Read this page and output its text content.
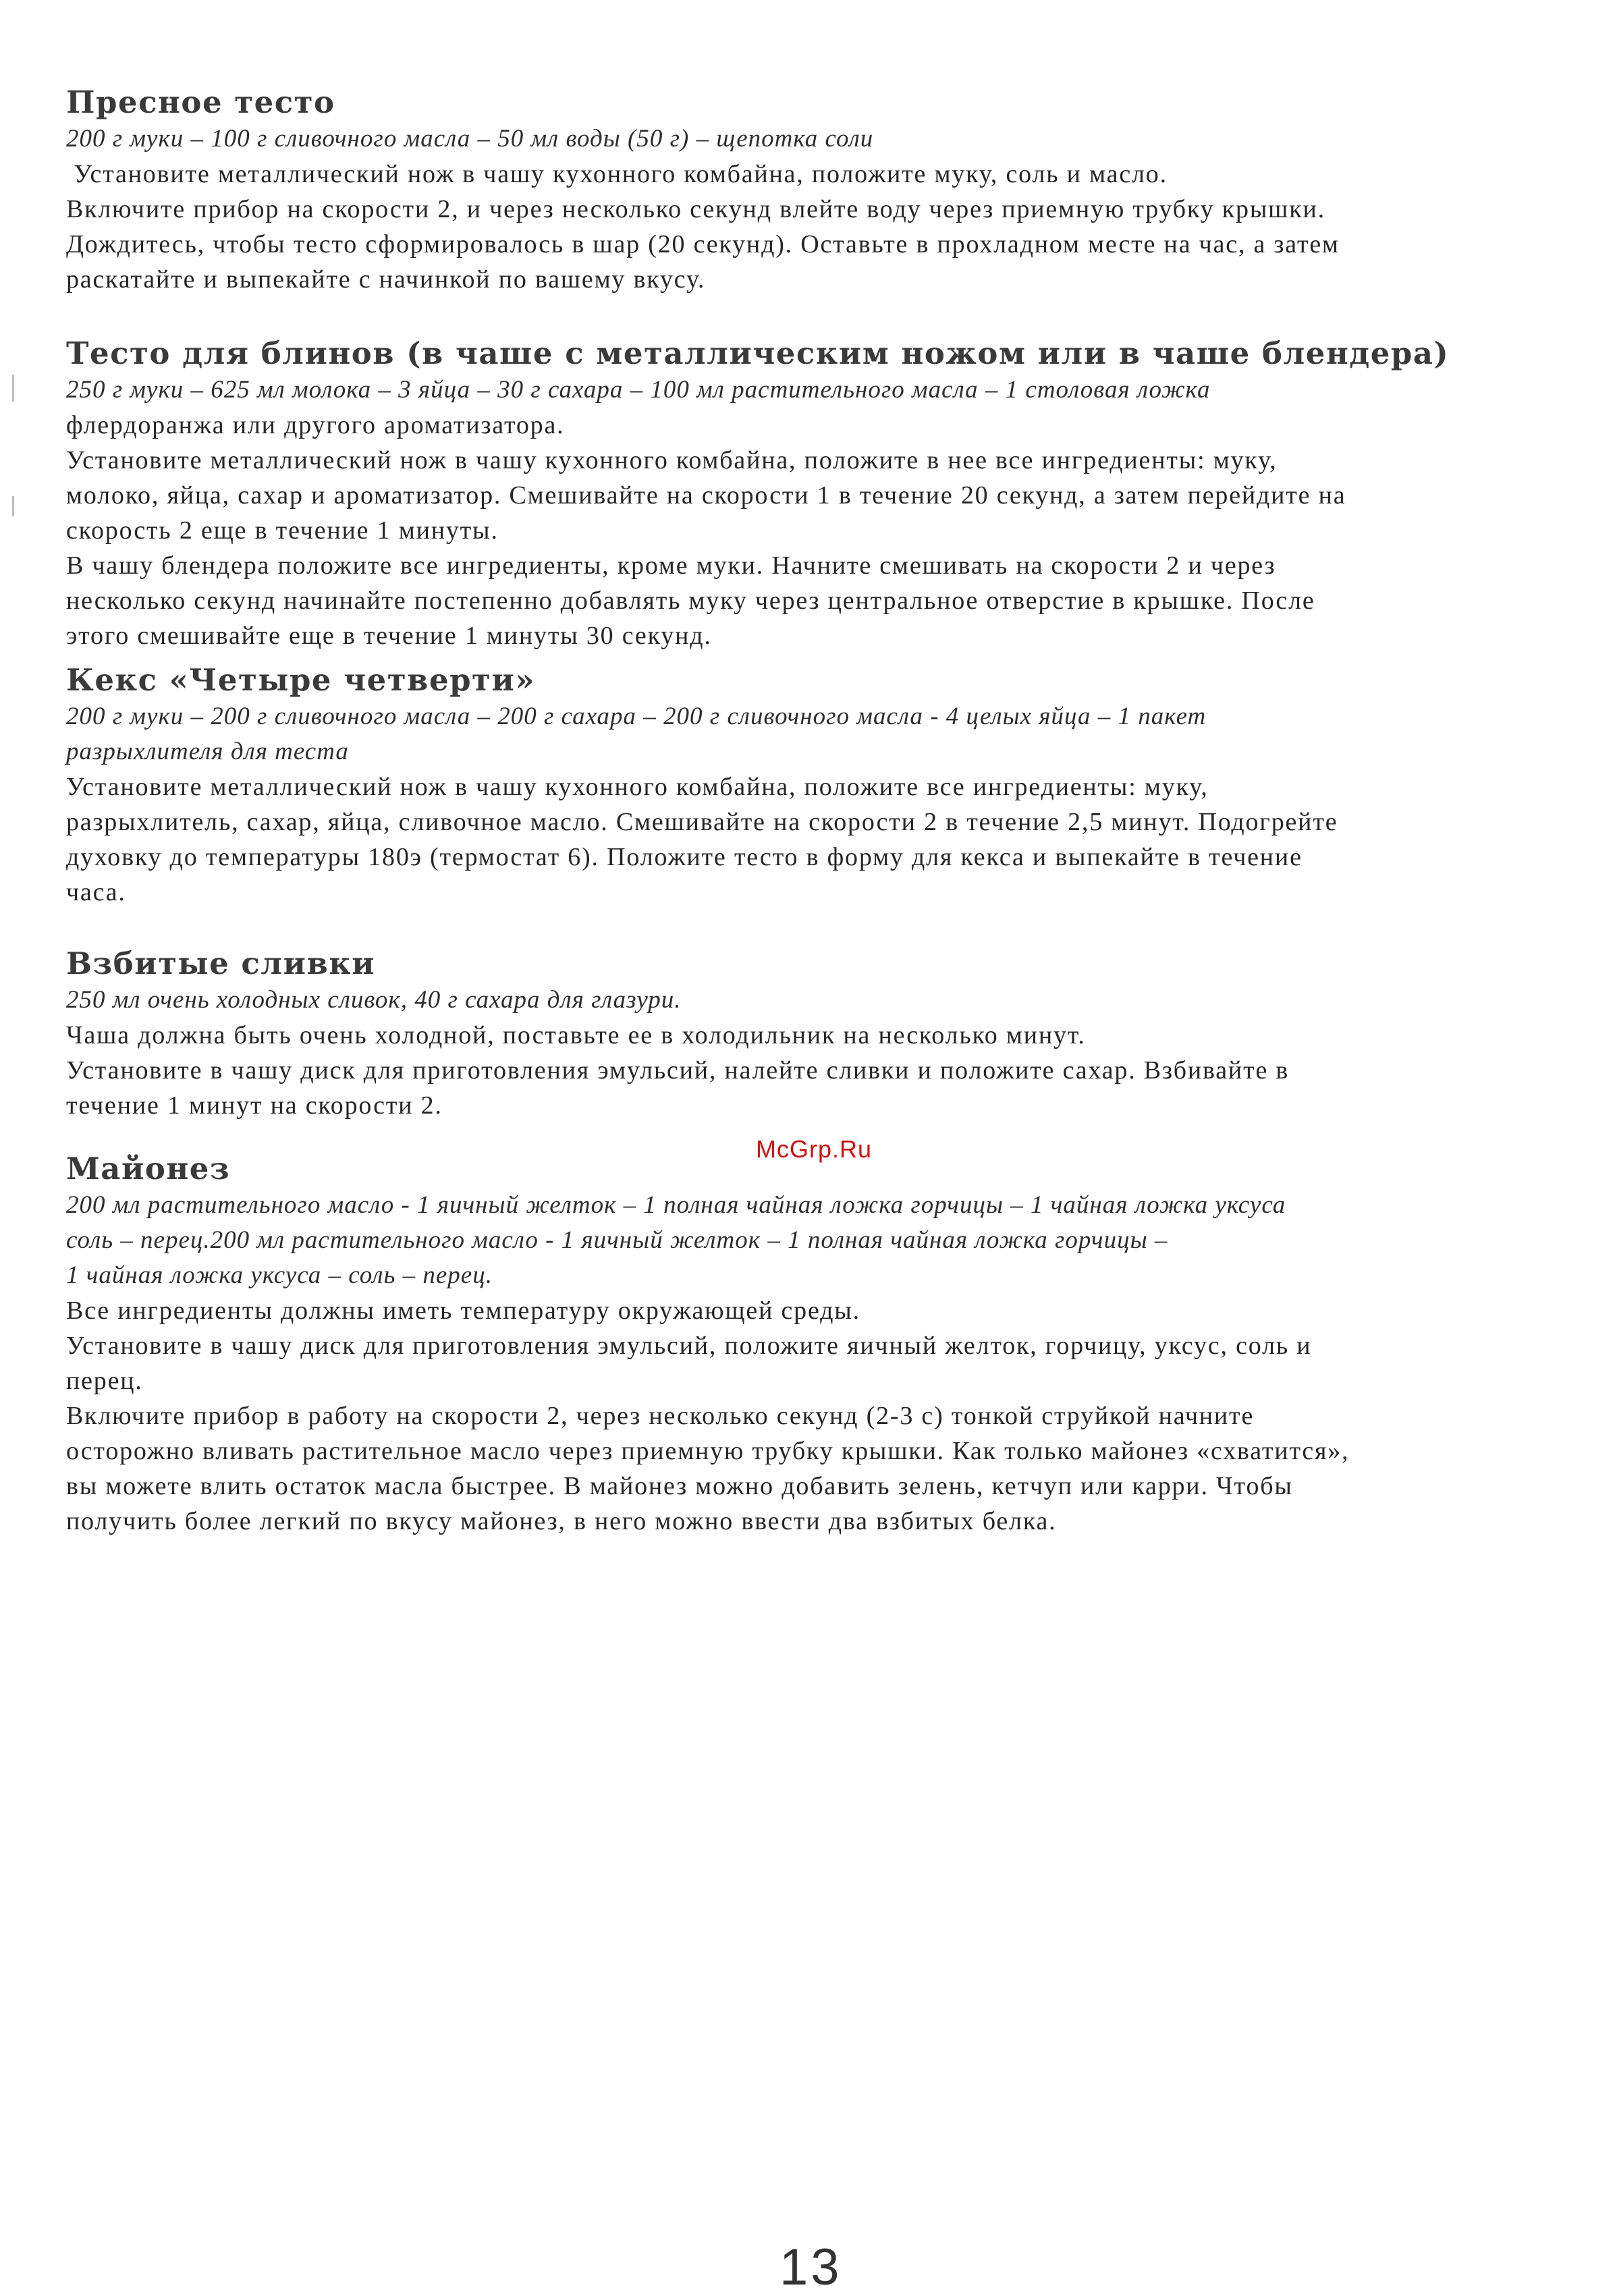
Пресное тесто

200 г муки – 100 г сливочного масла – 50 мл воды (50 г) – щепотка соли

Установите металлический нож в чашу кухонного комбайна, положите муку, соль и масло.

Включите прибор на скорости 2, и через несколько секунд влейте воду через приемную трубку крышки.

Дождитесь, чтобы тесто сформировалось в шар (20 секунд). Оставьте в прохладном месте на час, а затем

раскатайте и выпекайте с начинкой по вашему вкусу.

Тесто для блинов (в чаше с металлическим ножом или в чаше блендера)

250 г муки – 625 мл молока – 3 яйца – 30 г сахара – 100 мл растительного масла – 1 столовая ложка

флердоранжа или другого ароматизатора.

Установите металлический нож в чашу кухонного комбайна, положите в нее все ингредиенты: муку,

молоко, яйца, сахар и ароматизатор. Смешивайте на скорости 1 в течение 20 секунд, а затем перейдите на

скорость 2 еще в течение 1 минуты.

В чашу блендера положите все ингредиенты, кроме муки. Начните смешивать на скорости 2 и через

несколько секунд начинайте постепенно добавлять муку через центральное отверстие в крышке. После

этого смешивайте еще в течение 1 минуты 30 секунд.

Кекс «Четыре четверти»

200 г муки – 200 г сливочного масла – 200 г сахара – 200 г сливочного масла - 4 целых яйца – 1 пакет

разрыхлителя для теста

Установите металлический нож в чашу кухонного комбайна, положите все ингредиенты: муку,

разрыхлитель, сахар, яйца, сливочное масло. Смешивайте на скорости 2 в течение 2,5 минут. Подогрейте

духовку до температуры 180э (термостат 6). Положите тесто в форму для кекса и выпекайте в течение

часа.

Взбитые сливки

250 мл очень холодных сливок, 40 г сахара для глазури.

Чаша должна быть очень холодной, поставьте ее в холодильник на несколько минут.

Установите в чашу диск для приготовления эмульсий, налейте сливки и положите сахар. Взбивайте в

течение 1 минут на скорости 2.

Майонез

200 мл растительного масло - 1 яичный желток – 1 полная чайная ложка горчицы – 1 чайная ложка уксуса

соль – перец.200 мл растительного масло - 1 яичный желток – 1 полная чайная ложка горчицы –

1 чайная ложка уксуса – соль – перец.

Все ингредиенты должны иметь температуру окружающей среды.

Установите в чашу диск для приготовления эмульсий, положите яичный желток, горчицу, уксус, соль и

перец.

Включите прибор в работу на скорости 2, через несколько секунд (2-3 с) тонкой струйкой начните

осторожно вливать растительное масло через приемную трубку крышки. Как только майонез «схватится»,

вы можете влить остаток масла быстрее. В майонез можно добавить зелень, кетчуп или карри. Чтобы

получить более легкий по вкусу майонез, в него можно ввести два взбитых белка.

McGrp.Ru
13
